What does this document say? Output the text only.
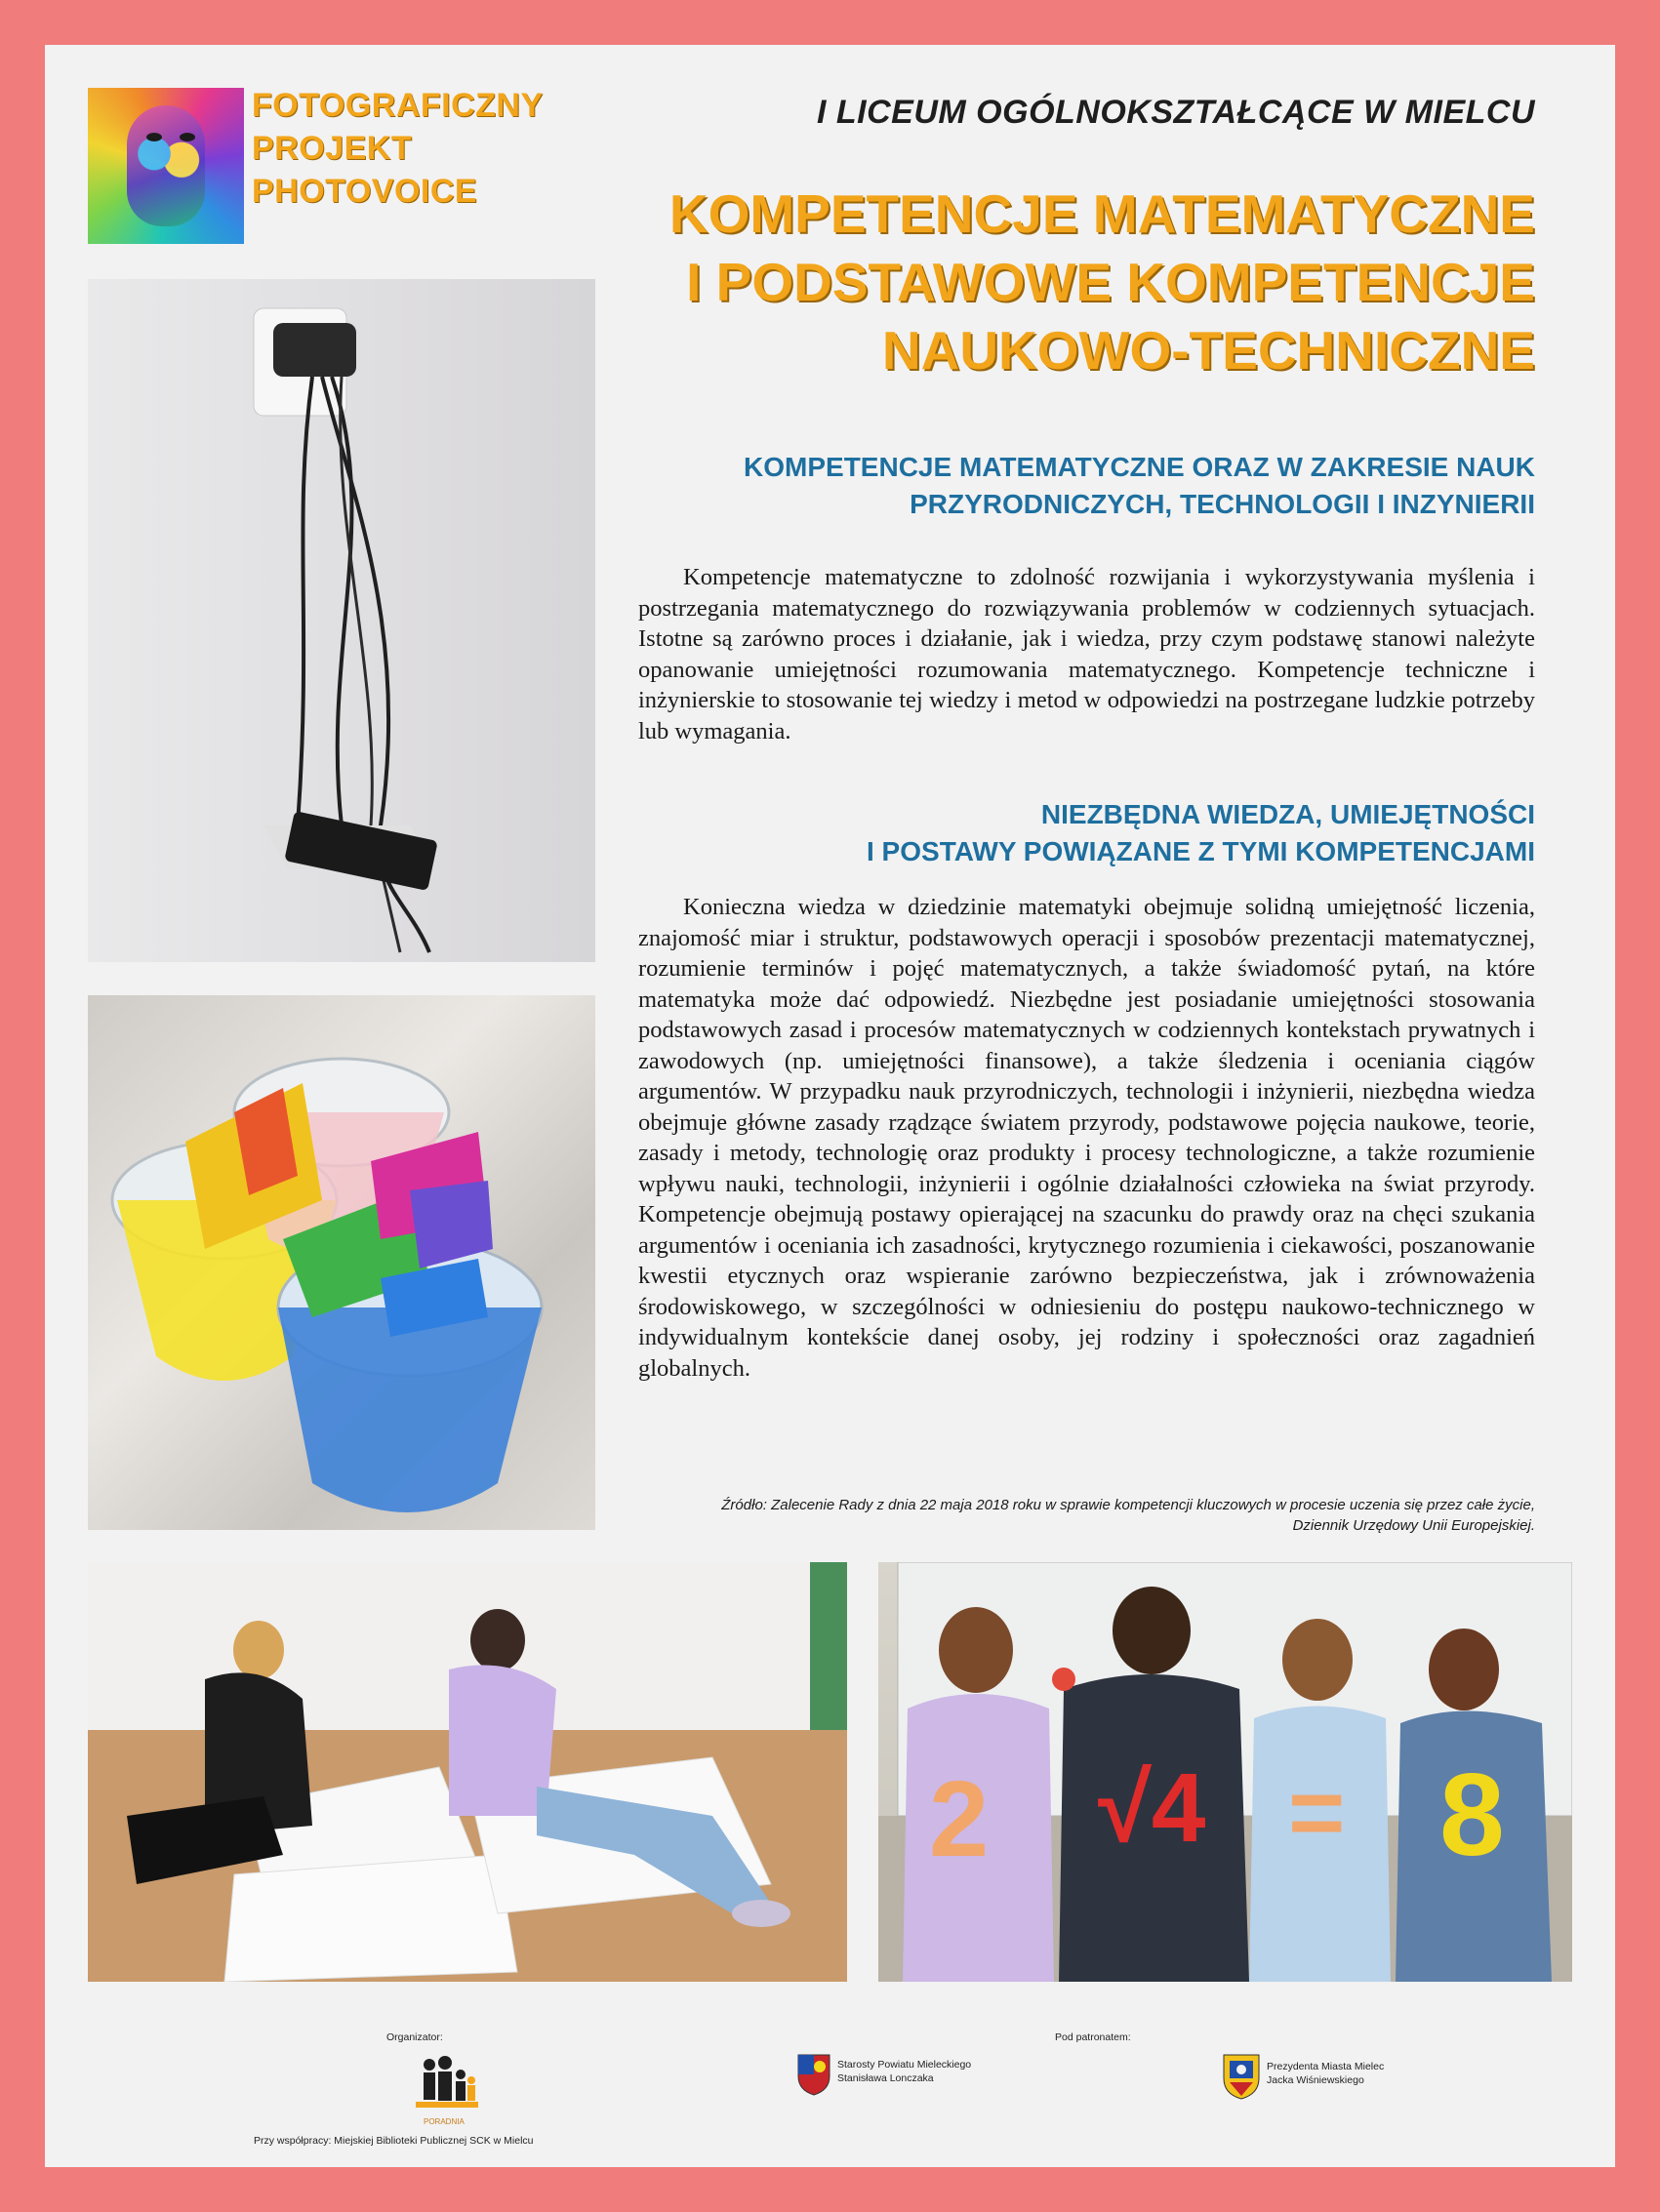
FOTOGRAFICZNY
PROJEKT
PHOTOVOICE
I LICEUM OGÓLNOKSZTAŁCĄCE W MIELCU
KOMPETENCJE MATEMATYCZNE
I PODSTAWOWE KOMPETENCJE
NAUKOWO-TECHNICZNE
KOMPETENCJE MATEMATYCZNE ORAZ W ZAKRESIE NAUK
PRZYRODNICZYCH, TECHNOLOGII I INZYNIERII

Kompetencje matematyczne to zdolność rozwijania i wykorzystywania myślenia i postrzegania matematycznego do rozwiązywania problemów w codziennych sytuacjach. Istotne są zarówno proces i działanie, jak i wiedza, przy czym podstawę stanowi należyte opanowanie umiejętności rozumowania matematycznego. Kompetencje techniczne i inżynierskie to stosowanie tej wiedzy i metod w odpowiedzi na postrzegane ludzkie potrzeby lub wymagania.

NIEZBĘDNA WIEDZA, UMIEJĘTNOŚCI
I POSTAWY POWIĄZANE Z TYMI KOMPETENCJAMI

Konieczna wiedza w dziedzinie matematyki obejmuje solidną umiejętność liczenia, znajomość miar i struktur, podstawowych operacji i sposobów prezentacji matematycznej, rozumienie terminów i pojęć matematycznych, a także świadomość pytań, na które matematyka może dać odpowiedź. Niezbędne jest posiadanie umiejętności stosowania podstawowych zasad i procesów matematycznych w codziennych kontekstach prywatnych i zawodowych (np. umiejętności finansowe), a także śledzenia i oceniania ciągów argumentów. W przypadku nauk przyrodniczych, technologii i inżynierii, niezbędna wiedza obejmuje główne zasady rządzące światem przyrody, podstawowe pojęcia naukowe, teorie, zasady i metody, technologię oraz produkty i procesy technologiczne, a także rozumienie wpływu nauki, technologii, inżynierii i ogólnie działalności człowieka na świat przyrody. Kompetencje obejmują postawy opierającej na szacunku do prawdy oraz na chęci szukania argumentów i oceniania ich zasadności, krytycznego rozumienia i ciekawości, poszanowanie kwestii etycznych oraz wspieranie zarówno bezpieczeństwa, jak i zrównoważenia środowiskowego, w szczególności w odniesieniu do postępu naukowo-technicznego w indywidualnym kontekście danej osoby, jej rodziny i społeczności oraz zagadnień globalnych.

Źródło: Zalecenie Rady z dnia 22 maja 2018 roku w sprawie kompetencji kluczowych w procesie uczenia się przez całe życie,
Dziennik Urzędowy Unii Europejskiej.
2 √4 = 8
Organizator:
PORADNIA
Przy współpracy: Miejskiej Biblioteki Publicznej SCK w Mielcu
Pod patronatem:
Starosty Powiatu Mieleckiego
Stanisława Lonczaka
Prezydenta Miasta Mielec
Jacka Wiśniewskiego
